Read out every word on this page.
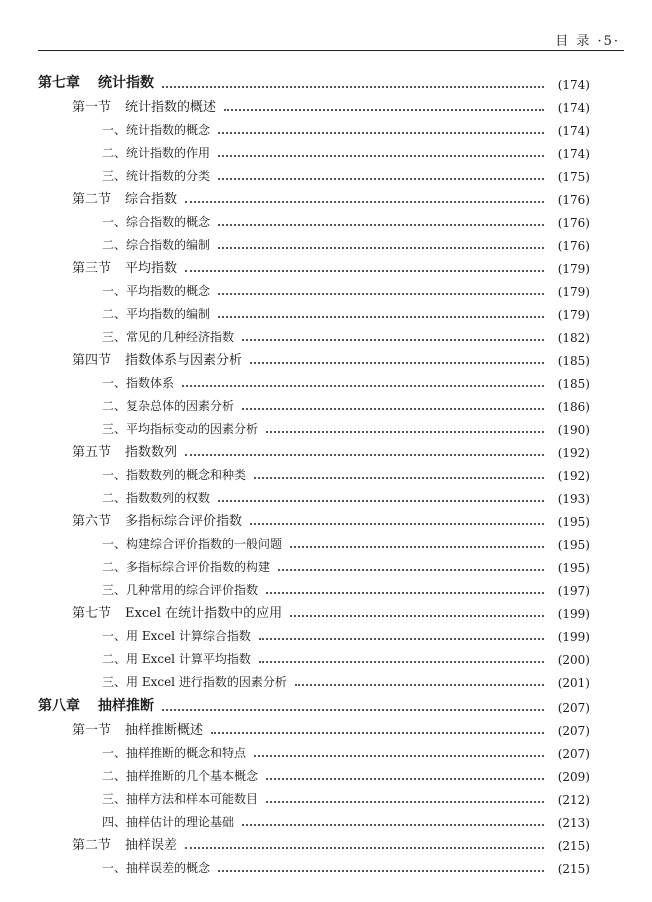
目 录 ·5·
第七章 统计指数	(174)
第一节 统计指数的概述	(174)
一、统计指数的概念	(174)
二、统计指数的作用	(174)
三、统计指数的分类	(175)
第二节 综合指数	(176)
一、综合指数的概念	(176)
二、综合指数的编制	(176)
第三节 平均指数	(179)
一、平均指数的概念	(179)
二、平均指数的编制	(179)
三、常见的几种经济指数	(182)
第四节 指数体系与因素分析	(185)
一、指数体系	(185)
二、复杂总体的因素分析	(186)
三、平均指标变动的因素分析	(190)
第五节 指数数列	(192)
一、指数数列的概念和种类	(192)
二、指数数列的权数	(193)
第六节 多指标综合评价指数	(195)
一、构建综合评价指数的一般问题	(195)
二、多指标综合评价指数的构建	(195)
三、几种常用的综合评价指数	(197)
第七节 Excel 在统计指数中的应用	(199)
一、用 Excel 计算综合指数	(199)
二、用 Excel 计算平均指数	(200)
三、用 Excel 进行指数的因素分析	(201)
第八章 抽样推断	(207)
第一节 抽样推断概述	(207)
一、抽样推断的概念和特点	(207)
二、抽样推断的几个基本概念	(209)
三、抽样方法和样本可能数目	(212)
四、抽样估计的理论基础	(213)
第二节 抽样误差	(215)
一、抽样误差的概念	(215)
